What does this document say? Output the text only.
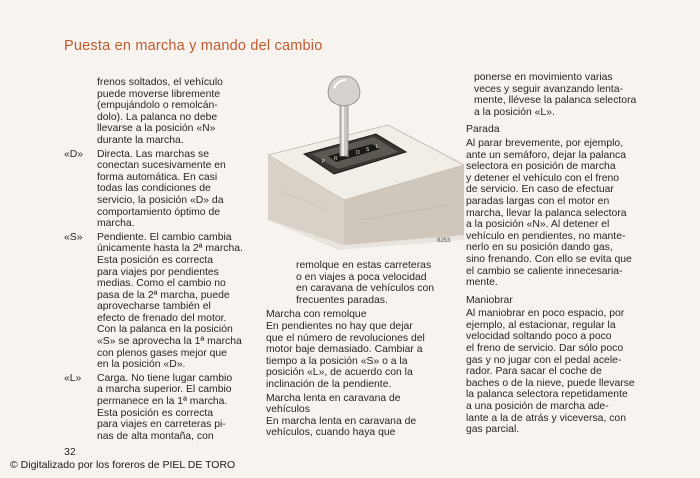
Puesta en marcha y mando del cambio
frenos soltados, el vehículo
puede moverse libremente
(empujándolo o remolcán-
dolo). La palanca no debe
llevarse a la posición «N»
durante la marcha.
«D»	Directa. Las marchas se
conectan sucesivamente en
forma automática. En casi
todas las condiciones de
servicio, la posición «D» da
comportamiento óptimo de
marcha.
«S»	Pendiente. El cambio cambia
únicamente hasta la 2ª marcha.
Esta posición es correcta
para viajes por pendientes
medias. Como el cambio no
pasa de la 2ª marcha, puede
aprovecharse también el
efecto de frenado del motor.
Con la palanca en la posición
«S» se aprovecha la 1ª marcha
con plenos gases mejor que
en la posición «D».
«L»	Carga. No tiene lugar cambio
a marcha superior. El cambio
permanece en la 1ª marcha.
Esta posición es correcta
para viajes en carreteras pi-
nas de alta montaña, con
P R
D S L
8253
remolque en estas carreteras
o en viajes a poca velocidad
en caravana de vehículos con
frecuentes paradas.
Marcha con remolque
En pendientes no hay que dejar
que el número de revoluciones del
motor baje demasiado. Cambiar a
tiempo a la posición «S» o a la
posición «L», de acuerdo con la
inclinación de la pendiente.
Marcha lenta en caravana de
vehículos
En marcha lenta en caravana de
vehículos, cuando haya que
ponerse en movimiento varias
veces y seguir avanzando lenta-
mente, llévese la palanca selectora
a la posición «L».
Parada
Al parar brevemente, por ejemplo,
ante un semáforo, dejar la palanca
selectora en posición de marcha
y detener el vehículo con el freno
de servicio. En caso de efectuar
paradas largas con el motor en
marcha, llevar la palanca selectora
a la posición «N». Al detener el
vehículo en pendientes, no mante-
nerlo en su posición dando gas,
sino frenando. Con ello se evita que
el cambio se caliente innecesaria-
mente.
Maniobrar
Al maniobrar en poco espacio, por
ejemplo, al estacionar, regular la
velocidad soltando poco a poco
el freno de servicio. Dar sólo poco
gas y no jugar con el pedal acele-
rador. Para sacar el coche de
baches o de la nieve, puede llevarse
la palanca selectora repetidamente
a una posición de marcha ade-
lante a la de atrás y viceversa, con
gas parcial.
32
© Digitalizado por los foreros de PIEL DE TORO
